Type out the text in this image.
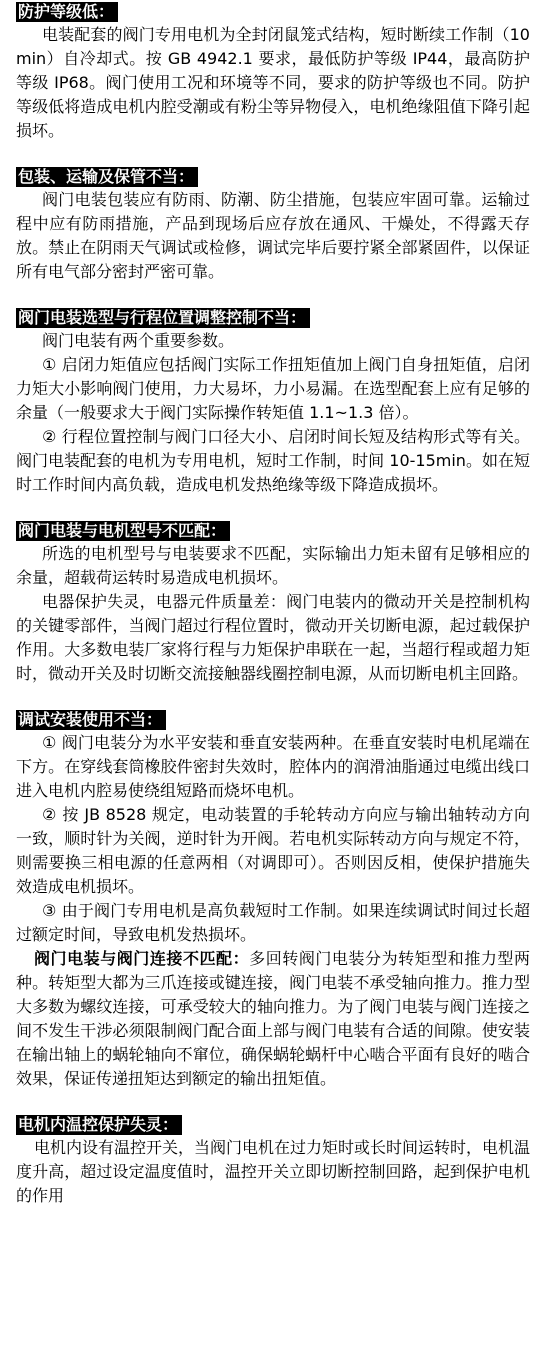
防护等级低：

电装配套的阀门专用电机为全封闭鼠笼式结构，短时断续工作制（10min）自冷却式。按 GB 4942.1 要求，最低防护等级 IP44，最高防护等级 IP68。阀门使用工况和环境等不同，要求的防护等级也不同。防护等级低将造成电机内腔受潮或有粉尘等异物侵入，电机绝缘阻值下降引起损坏。

包装、运输及保管不当：

阀门电装包装应有防雨、防潮、防尘措施，包装应牢固可靠。运输过程中应有防雨措施，产品到现场后应存放在通风、干燥处，不得露天存放。禁止在阴雨天气调试或检修，调试完毕后要拧紧全部紧固件，以保证所有电气部分密封严密可靠。

阀门电装选型与行程位置调整控制不当：

阀门电装有两个重要参数。

① 启闭力矩值应包括阀门实际工作扭矩值加上阀门自身扭矩值，启闭力矩大小影响阀门使用，力大易坏，力小易漏。在选型配套上应有足够的余量（一般要求大于阀门实际操作转矩值 1.1~1.3 倍）。

② 行程位置控制与阀门口径大小、启闭时间长短及结构形式等有关。阀门电装配套的电机为专用电机，短时工作制，时间 10-15min。如在短时工作时间内高负载，造成电机发热绝缘等级下降造成损坏。

阀门电装与电机型号不匹配：

所选的电机型号与电装要求不匹配，实际输出力矩未留有足够相应的余量，超载荷运转时易造成电机损坏。

电器保护失灵，电器元件质量差：阀门电装内的微动开关是控制机构的关键零部件，当阀门超过行程位置时，微动开关切断电源，起过载保护作用。大多数电装厂家将行程与力矩保护串联在一起，当超行程或超力矩时，微动开关及时切断交流接触器线圈控制电源，从而切断电机主回路。

调试安装使用不当：

① 阀门电装分为水平安装和垂直安装两种。在垂直安装时电机尾端在下方。在穿线套筒橡胶件密封失效时，腔体内的润滑油脂通过电缆出线口进入电机内腔易使绕组短路而烧坏电机。

② 按 JB 8528 规定，电动装置的手轮转动方向应与输出轴转动方向一致，顺时针为关阀，逆时针为开阀。若电机实际转动方向与规定不符，则需要换三相电源的任意两相（对调即可）。否则因反相，使保护措施失效造成电机损坏。

③ 由于阀门专用电机是高负载短时工作制。如果连续调试时间过长超过额定时间，导致电机发热损坏。

阀门电装与阀门连接不匹配：多回转阀门电装分为转矩型和推力型两种。转矩型大都为三爪连接或键连接，阀门电装不承受轴向推力。推力型大多数为螺纹连接，可承受较大的轴向推力。为了阀门电装与阀门连接之间不发生干涉必须限制阀门配合面上部与阀门电装有合适的间隙。使安装在输出轴上的蜗轮轴向不窜位，确保蜗轮蜗杆中心啮合平面有良好的啮合效果，保证传递扭矩达到额定的输出扭矩值。

电机内温控保护失灵：

电机内设有温控开关，当阀门电机在过力矩时或长时间运转时，电机温度升高，超过设定温度值时，温控开关立即切断控制回路，起到保护电机的作用
